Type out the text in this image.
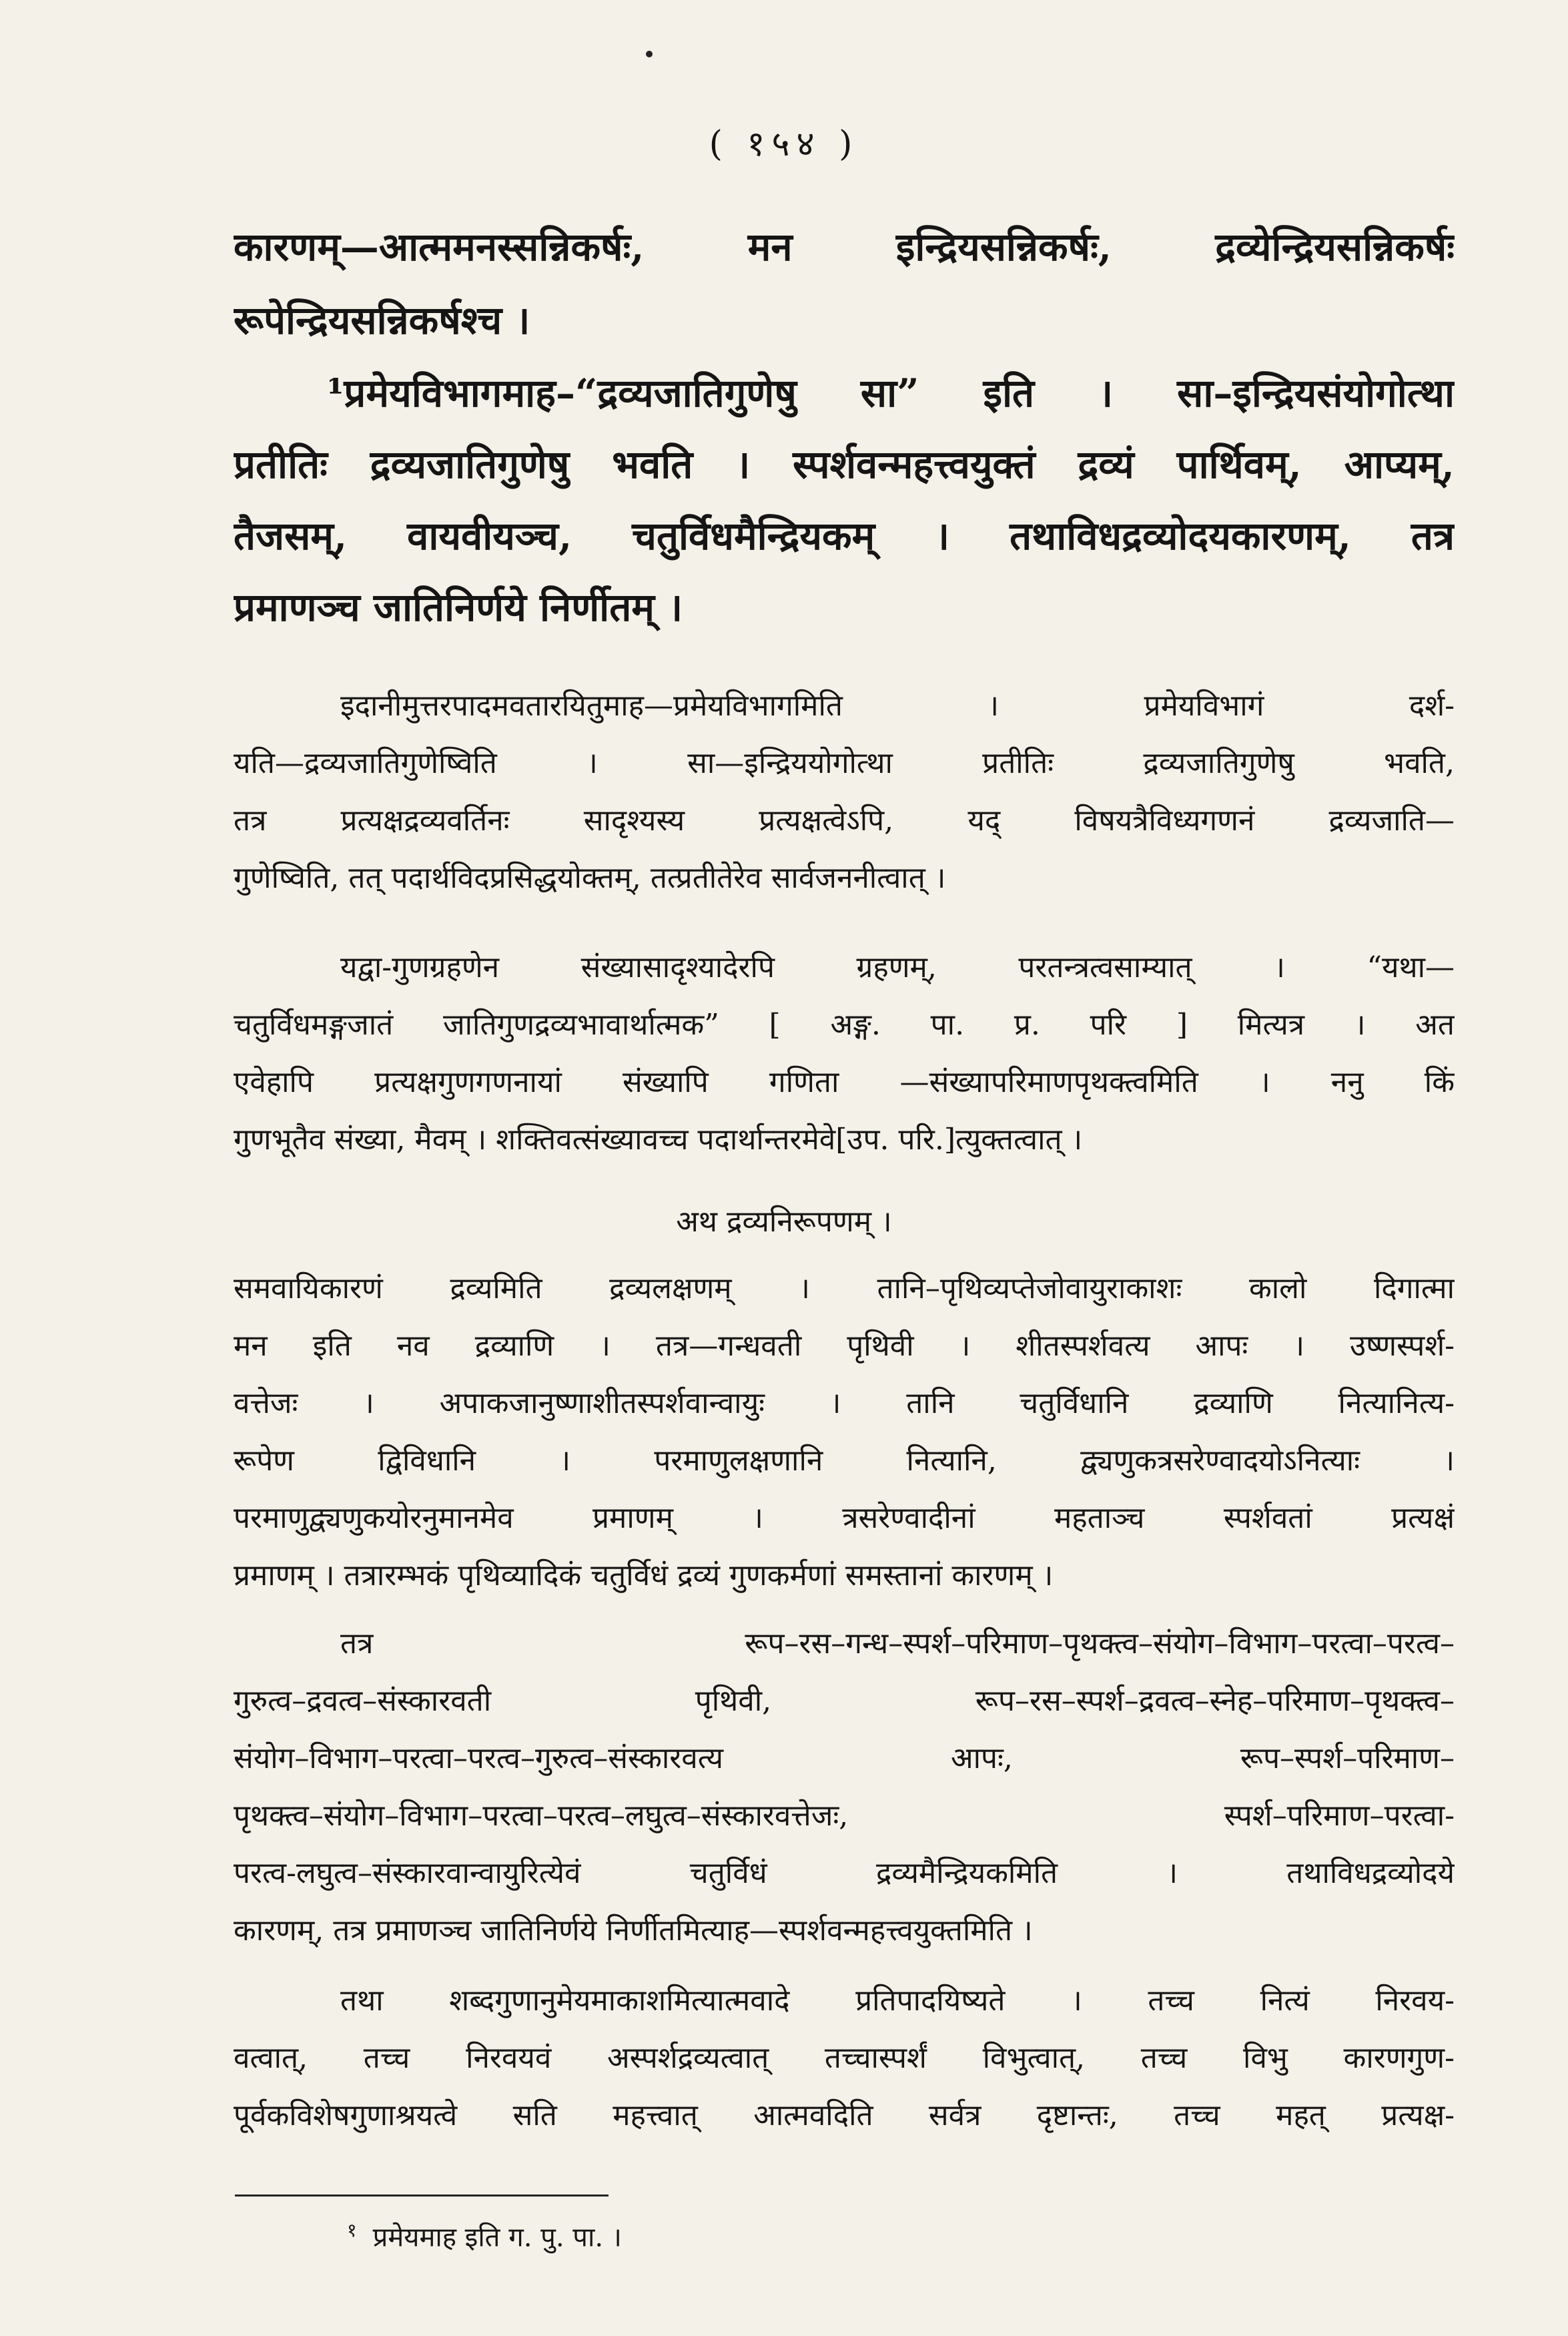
( १५४ )
कारणम्—आत्ममनस्सन्निकर्षः, मन इन्द्रियसन्निकर्षः, द्रव्येन्द्रियसन्निकर्षः
रूपेन्द्रियसन्निकर्षश्च ।
¹प्रमेयविभागमाह–“द्रव्यजातिगुणेषु सा” इति । सा–इन्द्रियसंयोगोत्था
प्रतीतिः द्रव्यजातिगुणेषु भवति । स्पर्शवन्महत्त्वयुक्तं द्रव्यं पार्थिवम्, आप्यम्,
तैजसम्, वायवीयञ्च, चतुर्विधमैन्द्रियकम् । तथाविधद्रव्योदयकारणम्, तत्र
प्रमाणञ्च जातिनिर्णये निर्णीतम् ।
इदानीमुत्तरपादमवतारयितुमाह—प्रमेयविभागमिति । प्रमेयविभागं दर्श-
यति—द्रव्यजातिगुणेष्विति । सा—इन्द्रिययोगोत्था प्रतीतिः द्रव्यजातिगुणेषु भवति,
तत्र प्रत्यक्षद्रव्यवर्तिनः सादृश्यस्य प्रत्यक्षत्वेऽपि, यद् विषयत्रैविध्यगणनं द्रव्यजाति—
गुणेष्विति, तत् पदार्थविदप्रसिद्धयोक्तम्, तत्प्रतीतेरेव सार्वजननीत्वात् ।
यद्वा-गुणग्रहणेन संख्यासादृश्यादेरपि ग्रहणम्, परतन्त्रत्वसाम्यात् । “यथा—
चतुर्विधमङ्गजातं जातिगुणद्रव्यभावार्थात्मक” [ अङ्ग. पा. प्र. परि ] मित्यत्र । अत
एवेहापि प्रत्यक्षगुणगणनायां संख्यापि गणिता —संख्यापरिमाणपृथक्त्वमिति । ननु किं
गुणभूतैव संख्या, मैवम् । शक्तिवत्संख्यावच्च पदार्थान्तरमेवे[उप. परि.]त्युक्तत्वात् ।
अथ द्रव्यनिरूपणम् ।
समवायिकारणं द्रव्यमिति द्रव्यलक्षणम् । तानि–पृथिव्यप्तेजोवायुराकाशः कालो दिगात्मा
मन इति नव द्रव्याणि । तत्र—गन्धवती पृथिवी । शीतस्पर्शवत्य आपः । उष्णस्पर्श-
वत्तेजः । अपाकजानुष्णाशीतस्पर्शवान्वायुः । तानि चतुर्विधानि द्रव्याणि नित्यानित्य-
रूपेण द्विविधानि । परमाणुलक्षणानि नित्यानि, द्व्यणुकत्रसरेण्वादयोऽनित्याः ।
परमाणुद्व्यणुकयोरनुमानमेव प्रमाणम् । त्रसरेण्वादीनां महताञ्च स्पर्शवतां प्रत्यक्षं
प्रमाणम् । तत्रारम्भकं पृथिव्यादिकं चतुर्विधं द्रव्यं गुणकर्मणां समस्तानां कारणम् ।
तत्र रूप–रस–गन्ध–स्पर्श–परिमाण–पृथक्त्व–संयोग–विभाग–परत्वा–परत्व–
गुरुत्व–द्रवत्व–संस्कारवती पृथिवी, रूप–रस–स्पर्श–द्रवत्व–स्नेह–परिमाण–पृथक्त्व–
संयोग–विभाग–परत्वा–परत्व–गुरुत्व–संस्कारवत्य आपः, रूप–स्पर्श–परिमाण–
पृथक्त्व–संयोग–विभाग–परत्वा–परत्व–लघुत्व–संस्कारवत्तेजः, स्पर्श–परिमाण–परत्वा-
परत्व-लघुत्व–संस्कारवान्वायुरित्येवं चतुर्विधं द्रव्यमैन्द्रियकमिति । तथाविधद्रव्योदये
कारणम्, तत्र प्रमाणञ्च जातिनिर्णये निर्णीतमित्याह—स्पर्शवन्महत्त्वयुक्तमिति ।
तथा शब्दगुणानुमेयमाकाशमित्यात्मवादे प्रतिपादयिष्यते । तच्च नित्यं निरवय-
वत्वात्, तच्च निरवयवं अस्पर्शद्रव्यत्वात् तच्चास्पर्शं विभुत्वात्, तच्च विभु कारणगुण-
पूर्वकविशेषगुणाश्रयत्वे सति महत्त्वात् आत्मवदिति सर्वत्र दृष्टान्तः, तच्च महत् प्रत्यक्ष-
$^१$ प्रमेयमाह इति ग. पु. पा. ।
